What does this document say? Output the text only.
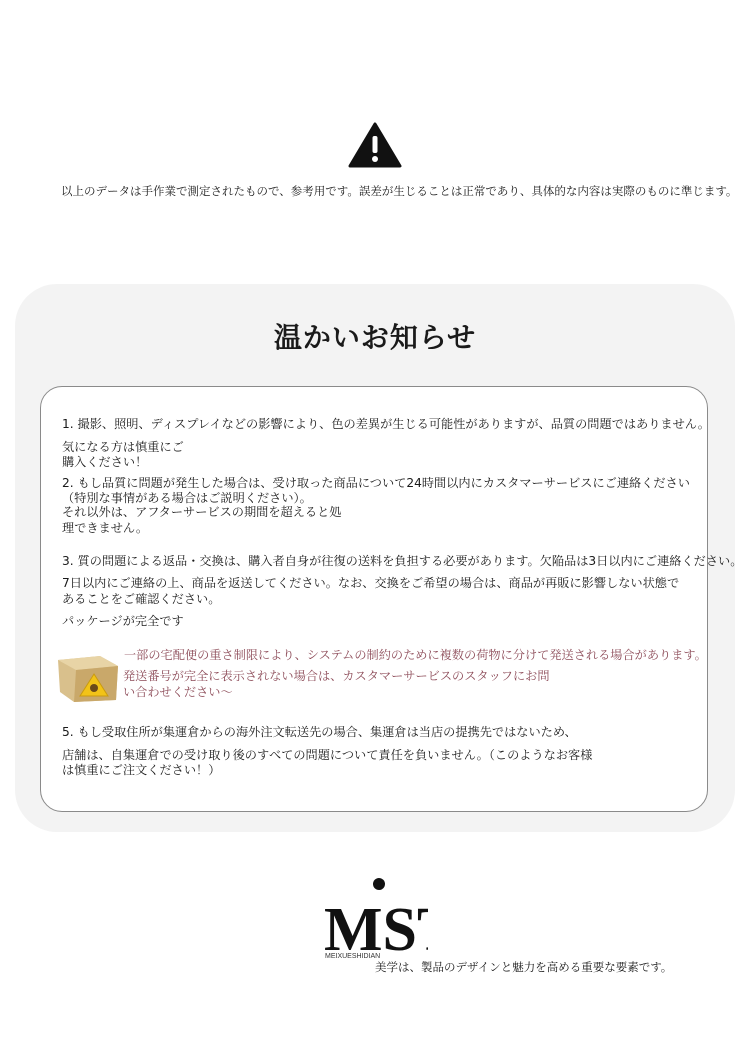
以上のデータは手作業で測定されたもので、参考用です。誤差が生じることは正常であり、具体的な内容は実際のものに準じます。
温かいお知らせ
1. 撮影、照明、ディスプレイなどの影響により、色の差異が生じる可能性がありますが、品質の問題ではありません。
気になる方は慎重にご
購入ください！
2. もし品質に問題が発生した場合は、受け取った商品について24時間以内にカスタマーサービスにご連絡ください
（特別な事情がある場合はご説明ください）。
それ以外は、アフターサービスの期間を超えると処
理できません。
3. 質の問題による返品・交換は、購入者自身が往復の送料を負担する必要があります。欠陥品は3日以内にご連絡ください。
7日以内にご連絡の上、商品を返送してください。なお、交換をご希望の場合は、商品が再販に影響しない状態で
あることをご確認ください。
パッケージが完全です
一部の宅配便の重さ制限により、システムの制約のために複数の荷物に分けて発送される場合があります。
発送番号が完全に表示されない場合は、カスタマーサービスのスタッフにお問
い合わせください～
5. もし受取住所が集運倉からの海外注文転送先の場合、集運倉は当店の提携先ではないため、
店舗は、自集運倉での受け取り後のすべての問題について責任を負いません。（このようなお客様
は慎重にご注文ください！）
MS
MEIXUESHIDIAN
美学は、製品のデザインと魅力を高める重要な要素です。
